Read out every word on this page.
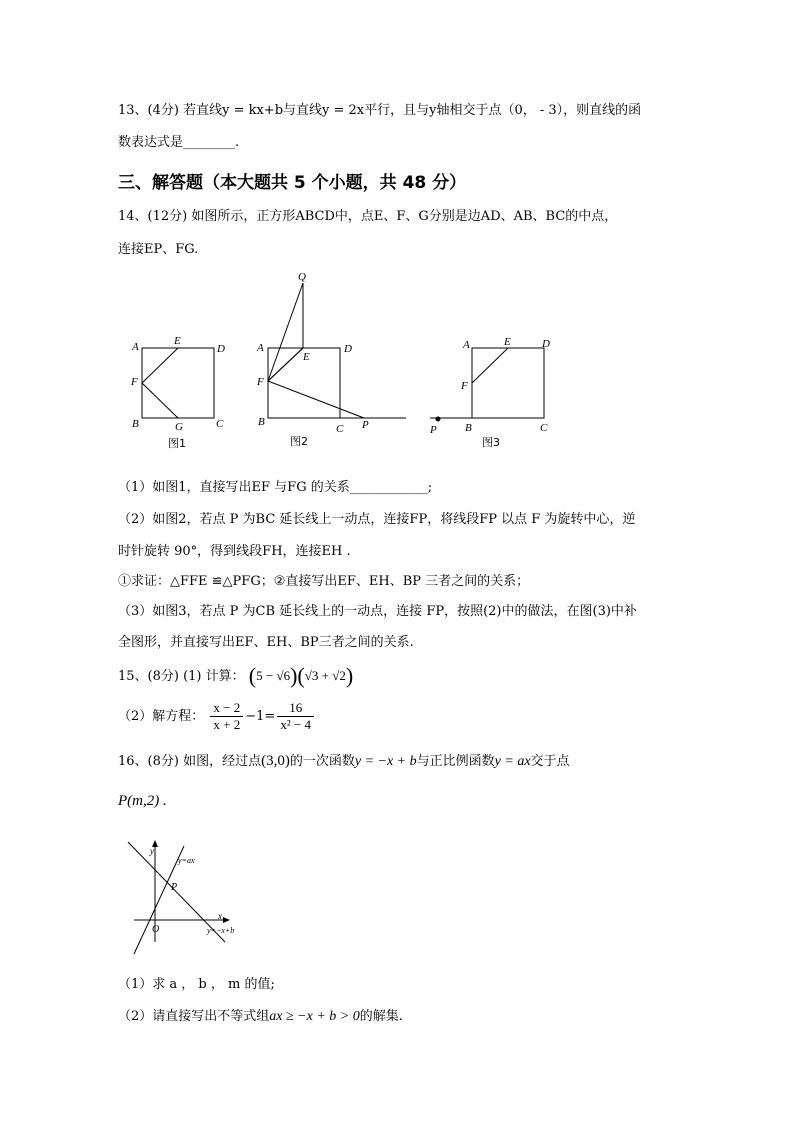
13、(4分) 若直线y = kx+b与直线y = 2x平行，且与y轴相交于点（0， - 3），则直线的函
数表达式是________.
三、解答题（本大题共 5 个小题，共 48 分）
14、(12分) 如图所示，正方形ABCD中，点E、F、G分别是边AD、AB、BC的中点，
连接EP、FG.
A	E
D
F
B	G	C
图1
Q
A
E
D
F
B
C P
图2
A	E	D
F
P	B	C
图3
（1）如图1，直接写出EF 与FG 的关系____________;
（2）如图2，若点 P 为BC 延长线上一动点，连接FP，将线段FP 以点 F 为旋转中心，逆
时针旋转 90°，得到线段FH，连接EH .
①求证：△FFE ≌△PFG；②直接写出EF、EH、BP 三者之间的关系；
（3）如图3，若点 P 为CB 延长线上的一动点，连接 FP，按照(2)中的做法，在图(3)中补
全图形，并直接写出EF、EH、BP三者之间的关系.
15、(8分) (1) 计算： (5 − √6)(√3 + √2)
（2）解方程： $\frac{x - 2}{x + 2} -1= \frac{16}{\text{x² − 4}}$
16、(8分) 如图，经过点(3,0)的一次函数y = −x + b与正比例函数y = ax交于点
P(m,2) .
y
x
O
P
y=ax
y=−x+b
（1）求 a ， b ， m 的值;
（2）请直接写出不等式组ax ≥ −x + b > 0的解集.
